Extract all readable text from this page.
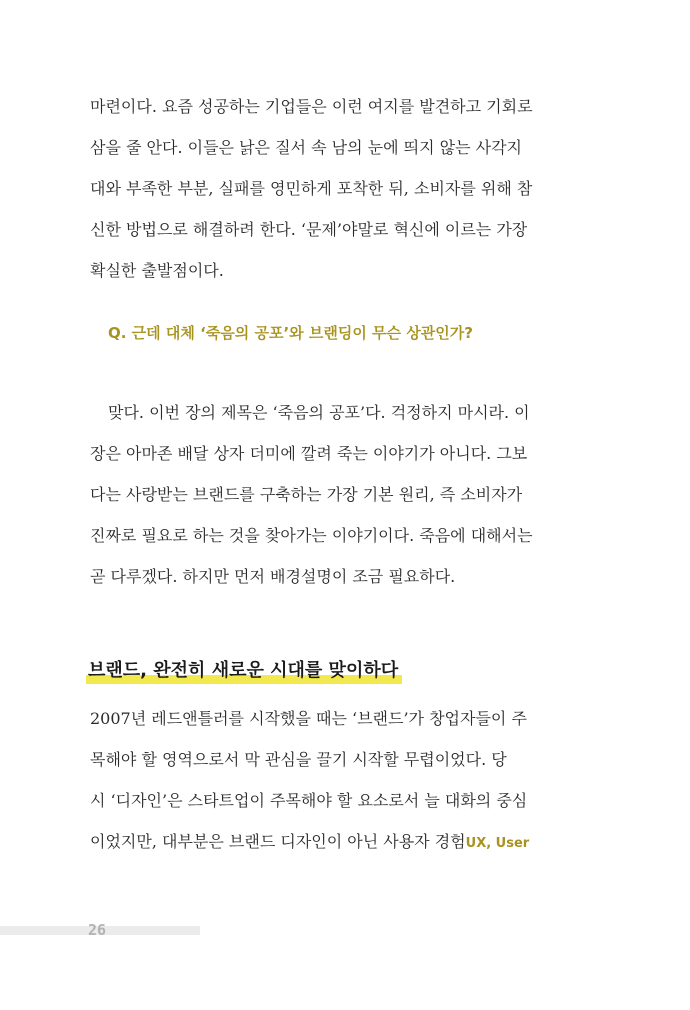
마련이다. 요즘 성공하는 기업들은 이런 여지를 발견하고 기회로
삼을 줄 안다. 이들은 낡은 질서 속 남의 눈에 띄지 않는 사각지
대와 부족한 부분, 실패를 영민하게 포착한 뒤, 소비자를 위해 참
신한 방법으로 해결하려 한다. ‘문제’야말로 혁신에 이르는 가장
확실한 출발점이다.

Q. 근데 대체 ‘죽음의 공포’와 브랜딩이 무슨 상관인가?

맞다. 이번 장의 제목은 ‘죽음의 공포’다. 걱정하지 마시라. 이
장은 아마존 배달 상자 더미에 깔려 죽는 이야기가 아니다. 그보
다는 사랑받는 브랜드를 구축하는 가장 기본 원리, 즉 소비자가
진짜로 필요로 하는 것을 찾아가는 이야기이다. 죽음에 대해서는
곧 다루겠다. 하지만 먼저 배경설명이 조금 필요하다.
브랜드, 완전히 새로운 시대를 맞이하다
2007년 레드앤틀러를 시작했을 때는 ‘브랜드’가 창업자들이 주
목해야 할 영역으로서 막 관심을 끌기 시작할 무렵이었다. 당
시 ‘디자인’은 스타트업이 주목해야 할 요소로서 늘 대화의 중심
이었지만, 대부분은 브랜드 디자인이 아닌 사용자 경험UX, User
26
